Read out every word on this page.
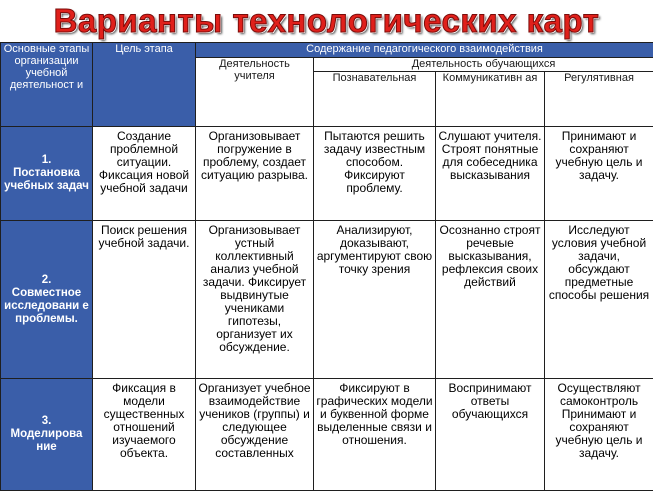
Варианты технологических карт
Основные этапы организации учебной деятельност и	Цель этапа	Содержание педагогического взаимодействия			
		Деятельность учителя	Деятельность обучающихся		
			Познавательная	Коммуникативн ая	Регулятивная

1.
Постановка учебных задач	Создание проблемной ситуации. Фиксация новой учебной задачи	Организовывает погружение в проблему, создает ситуацию разрыва.	Пытаются решить задачу известным способом. Фиксируют проблему.	Слушают учителя. Строят понятные для собеседника высказывания	Принимают и сохраняют учебную цель и задачу.

2.
Совместное исследовани е проблемы.	Поиск решения учебной задачи.	Организовывает устный коллективный анализ учебной задачи. Фиксирует выдвинутые учениками гипотезы, организует их обсуждение.	Анализируют, доказывают, аргументируют свою точку зрения	Осознанно строят речевые высказывания, рефлексия своих действий	Исследуют условия учебной задачи, обсуждают предметные способы решения

3.
Моделирова ние	Фиксация в модели существенных отношений изучаемого объекта.	Организует учебное взаимодействие учеников (группы) и следующее обсуждение составленных	Фиксируют в графических модели и буквенной форме выделенные связи и отношения.	Воспринимают ответы обучающихся	Осуществляют самоконтроль Принимают и сохраняют учебную цель и задачу.
